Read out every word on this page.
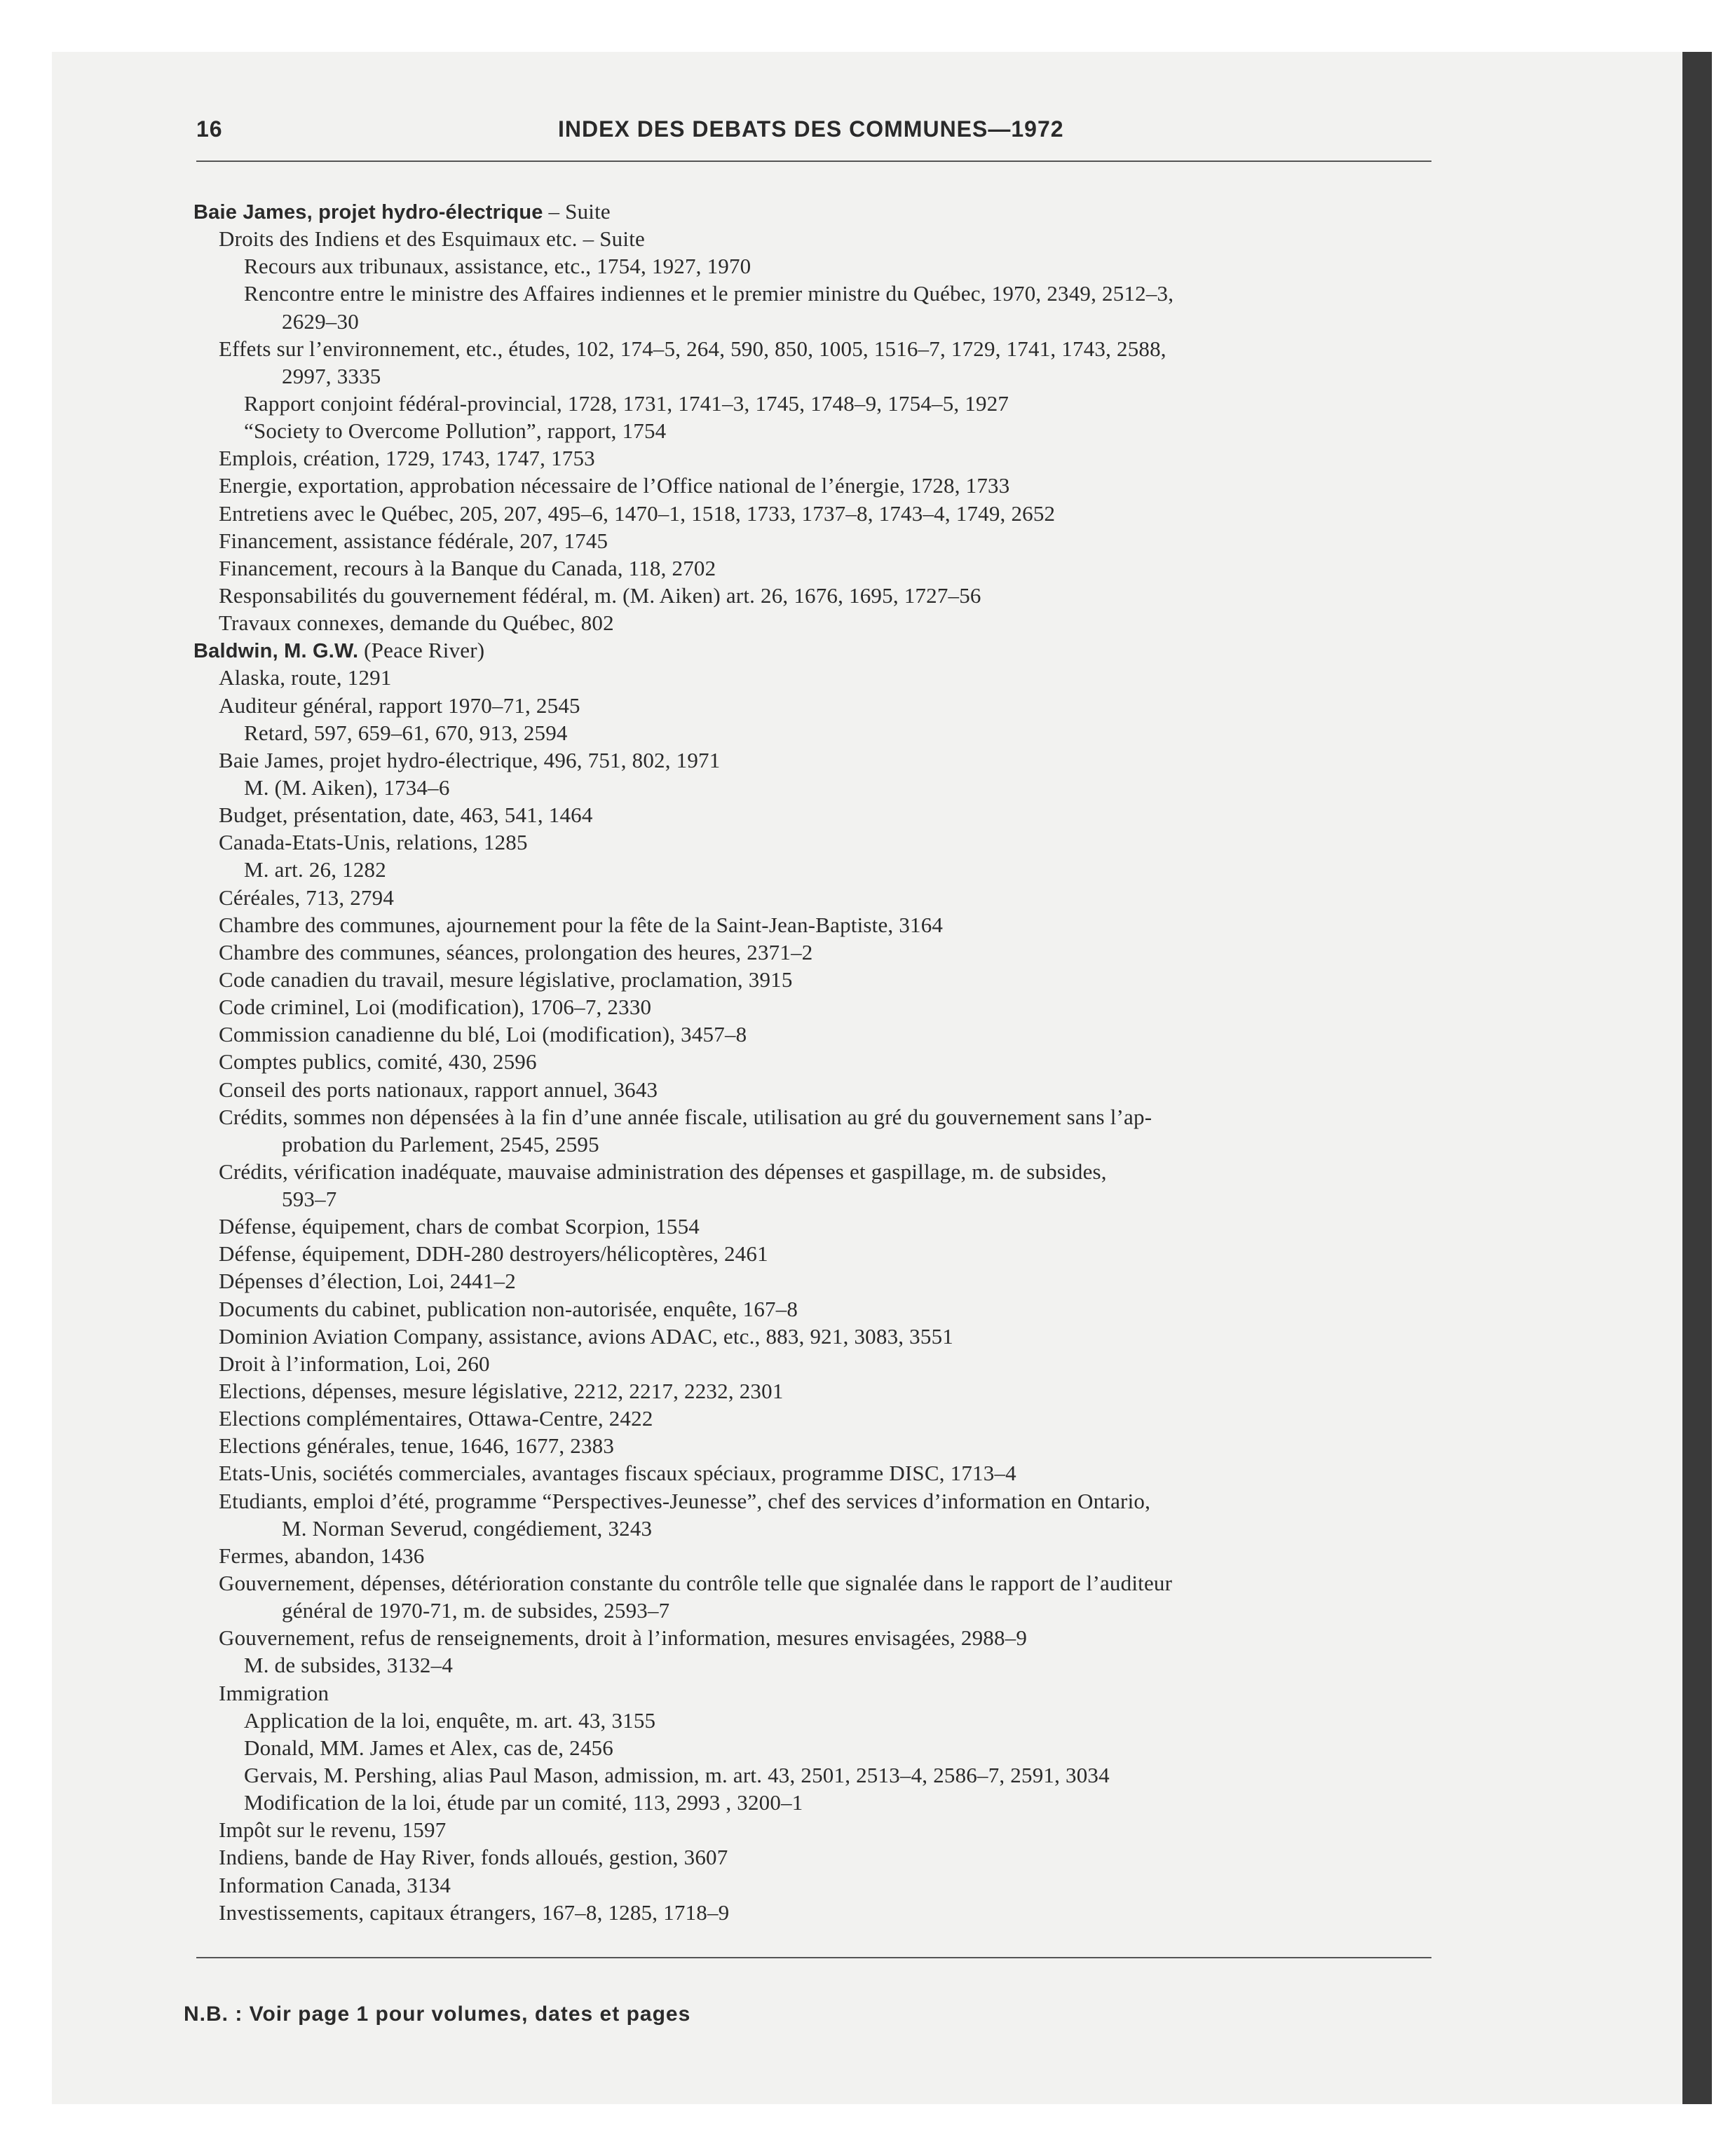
16	INDEX DES DEBATS DES COMMUNES—1972
Baie James, projet hydro-électrique – Suite
Droits des Indiens et des Esquimaux etc. – Suite
Recours aux tribunaux, assistance, etc., 1754, 1927, 1970
Rencontre entre le ministre des Affaires indiennes et le premier ministre du Québec, 1970, 2349, 2512–3,
2629–30
Effets sur l’environnement, etc., études, 102, 174–5, 264, 590, 850, 1005, 1516–7, 1729, 1741, 1743, 2588,
2997, 3335
Rapport conjoint fédéral-provincial, 1728, 1731, 1741–3, 1745, 1748–9, 1754–5, 1927
“Society to Overcome Pollution”, rapport, 1754
Emplois, création, 1729, 1743, 1747, 1753
Energie, exportation, approbation nécessaire de l’Office national de l’énergie, 1728, 1733
Entretiens avec le Québec, 205, 207, 495–6, 1470–1, 1518, 1733, 1737–8, 1743–4, 1749, 2652
Financement, assistance fédérale, 207, 1745
Financement, recours à la Banque du Canada, 118, 2702
Responsabilités du gouvernement fédéral, m. (M. Aiken) art. 26, 1676, 1695, 1727–56
Travaux connexes, demande du Québec, 802
Baldwin, M. G.W. (Peace River)
Alaska, route, 1291
Auditeur général, rapport 1970–71, 2545
Retard, 597, 659–61, 670, 913, 2594
Baie James, projet hydro-électrique, 496, 751, 802, 1971
M. (M. Aiken), 1734–6
Budget, présentation, date, 463, 541, 1464
Canada-Etats-Unis, relations, 1285
M. art. 26, 1282
Céréales, 713, 2794
Chambre des communes, ajournement pour la fête de la Saint-Jean-Baptiste, 3164
Chambre des communes, séances, prolongation des heures, 2371–2
Code canadien du travail, mesure législative, proclamation, 3915
Code criminel, Loi (modification), 1706–7, 2330
Commission canadienne du blé, Loi (modification), 3457–8
Comptes publics, comité, 430, 2596
Conseil des ports nationaux, rapport annuel, 3643
Crédits, sommes non dépensées à la fin d’une année fiscale, utilisation au gré du gouvernement sans l’ap-
probation du Parlement, 2545, 2595
Crédits, vérification inadéquate, mauvaise administration des dépenses et gaspillage, m. de subsides,
593–7
Défense, équipement, chars de combat Scorpion, 1554
Défense, équipement, DDH-280 destroyers/hélicoptères, 2461
Dépenses d’élection, Loi, 2441–2
Documents du cabinet, publication non-autorisée, enquête, 167–8
Dominion Aviation Company, assistance, avions ADAC, etc., 883, 921, 3083, 3551
Droit à l’information, Loi, 260
Elections, dépenses, mesure législative, 2212, 2217, 2232, 2301
Elections complémentaires, Ottawa-Centre, 2422
Elections générales, tenue, 1646, 1677, 2383
Etats-Unis, sociétés commerciales, avantages fiscaux spéciaux, programme DISC, 1713–4
Etudiants, emploi d’été, programme “Perspectives-Jeunesse”, chef des services d’information en Ontario,
M. Norman Severud, congédiement, 3243
Fermes, abandon, 1436
Gouvernement, dépenses, détérioration constante du contrôle telle que signalée dans le rapport de l’auditeur
général de 1970-71, m. de subsides, 2593–7
Gouvernement, refus de renseignements, droit à l’information, mesures envisagées, 2988–9
M. de subsides, 3132–4
Immigration
Application de la loi, enquête, m. art. 43, 3155
Donald, MM. James et Alex, cas de, 2456
Gervais, M. Pershing, alias Paul Mason, admission, m. art. 43, 2501, 2513–4, 2586–7, 2591, 3034
Modification de la loi, étude par un comité, 113, 2993 , 3200–1
Impôt sur le revenu, 1597
Indiens, bande de Hay River, fonds alloués, gestion, 3607
Information Canada, 3134
Investissements, capitaux étrangers, 167–8, 1285, 1718–9
N.B. : Voir page 1 pour volumes, dates et pages
